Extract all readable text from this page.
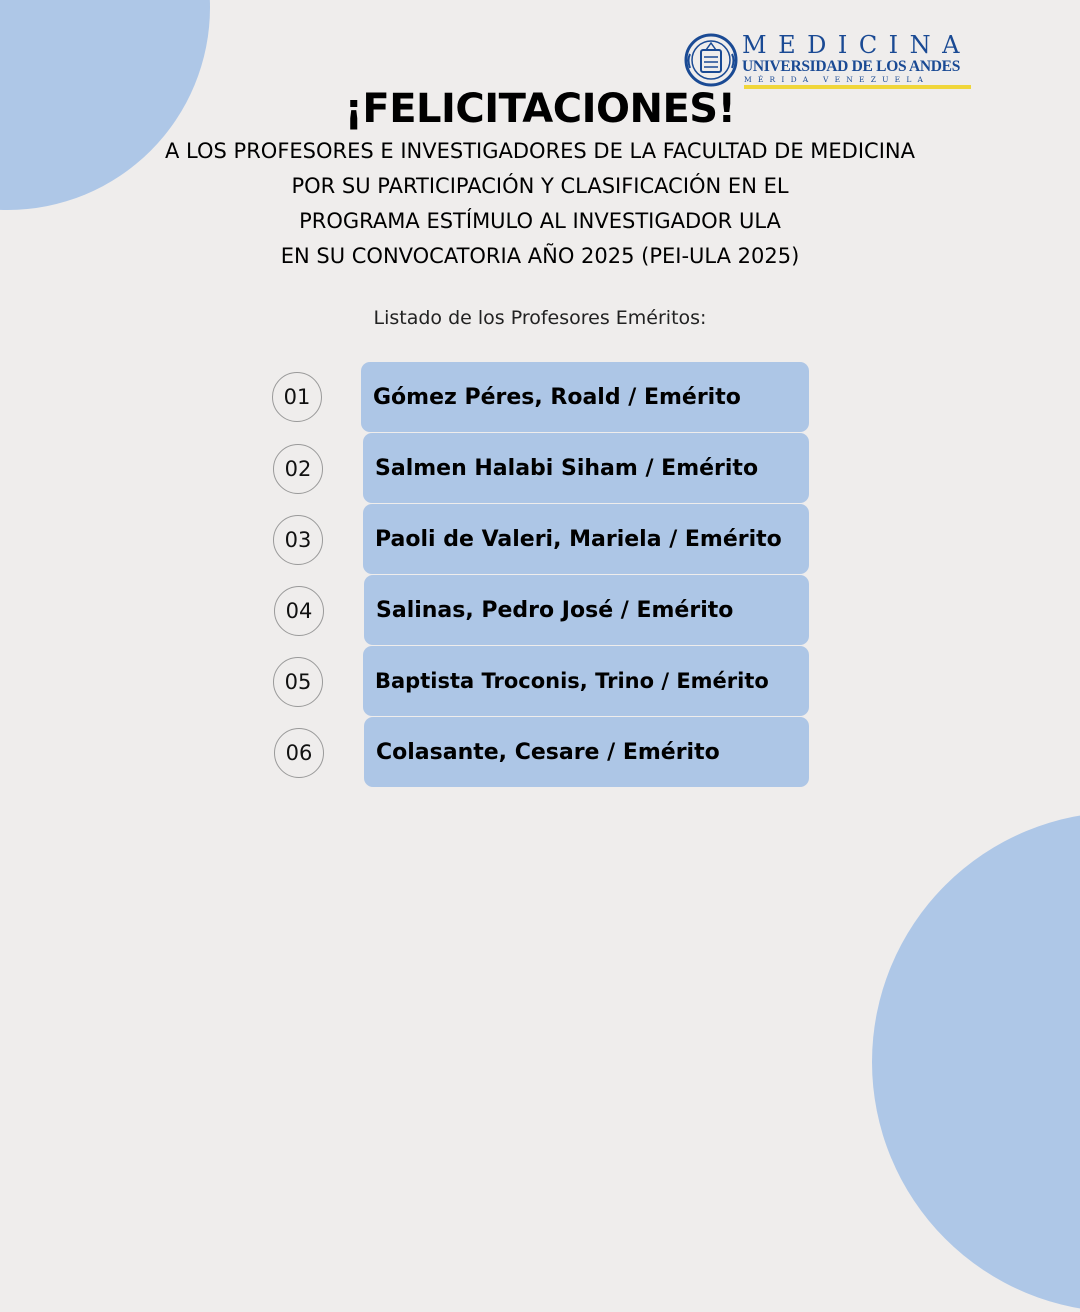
MEDICINA
UNIVERSIDAD DE LOS ANDES
MÉRIDA VENEZUELA
¡FELICITACIONES!
A LOS PROFESORES E INVESTIGADORES DE LA FACULTAD DE MEDICINA
POR SU PARTICIPACIÓN Y CLASIFICACIÓN EN EL
PROGRAMA ESTÍMULO AL INVESTIGADOR ULA
EN SU CONVOCATORIA AÑO 2025 (PEI-ULA 2025)
Listado de los Profesores Eméritos:
01	Gómez Péres, Roald / Emérito
02	Salmen Halabi Siham / Emérito
03	Paoli de Valeri, Mariela / Emérito
04	Salinas, Pedro José / Emérito
05	Baptista Troconis, Trino / Emérito
06	Colasante, Cesare / Emérito
